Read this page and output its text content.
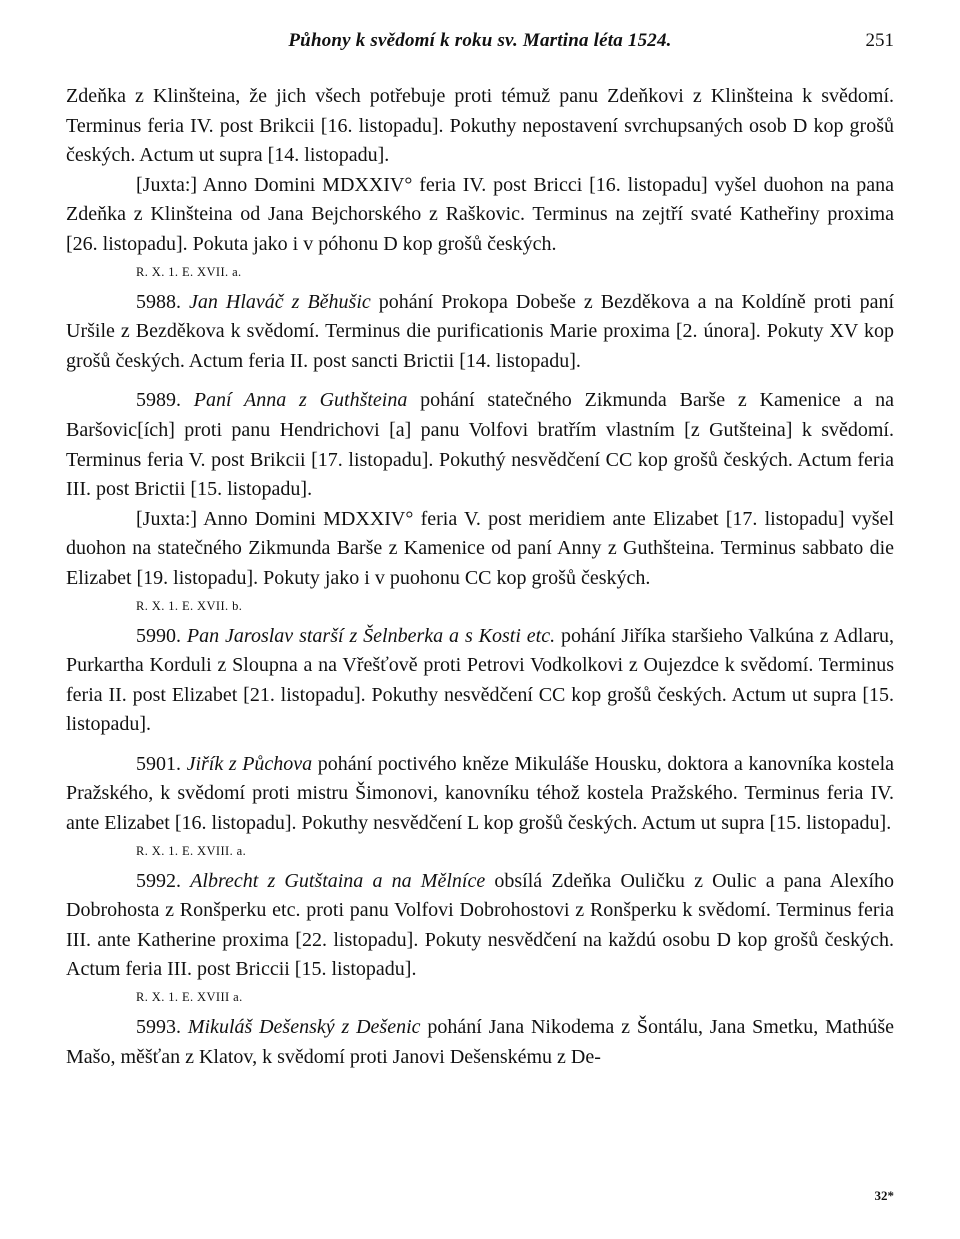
Půhony k svědomí k roku sv. Martina léta 1524.	251

Zdeňka z Klinšteina, že jich všech potřebuje proti témuž panu Zdeňkovi z Klinšteina k svědomí. Terminus feria IV. post Brikcii [16. listopadu]. Pokuthy nepostavení svrchupsaných osob D kop grošů českých. Actum ut supra [14. listopadu].

[Juxta:] Anno Domini MDXXIV° feria IV. post Bricci [16. listopadu] vyšel duohon na pana Zdeňka z Klinšteina od Jana Bejchorského z Raškovic. Terminus na zejtří svaté Katheřiny proxima [26. listopadu]. Pokuta jako i v póhonu D kop grošů českých.

R. X. 1. E. XVII. a.

5988. Jan Hlaváč z Běhušic pohání Prokopa Dobeše z Bezděkova a na Koldíně proti paní Uršile z Bezděkova k svědomí. Terminus die purificationis Marie proxima [2. února]. Pokuty XV kop grošů českých. Actum feria II. post sancti Brictii [14. listopadu].

5989. Paní Anna z Guthšteina pohání statečného Zikmunda Barše z Kamenice a na Baršovic[ích] proti panu Hendrichovi [a] panu Volfovi bratřím vlastním [z Gutšteina] k svědomí. Terminus feria V. post Brikcii [17. listopadu]. Pokuthý nesvědčení CC kop grošů českých. Actum feria III. post Brictii [15. listopadu].

[Juxta:] Anno Domini MDXXIV° feria V. post meridiem ante Elizabet [17. listopadu] vyšel duohon na statečného Zikmunda Barše z Kamenice od paní Anny z Guthšteina. Terminus sabbato die Elizabet [19. listopadu]. Pokuty jako i v puohonu CC kop grošů českých.

R. X. 1. E. XVII. b.

5990. Pan Jaroslav starší z Šelnberka a s Kosti etc. pohání Jiříka staršieho Valkúna z Adlaru, Purkartha Korduli z Sloupna a na Vřešťově proti Petrovi Vodkolkovi z Oujezdce k svědomí. Terminus feria II. post Elizabet [21. listopadu]. Pokuthy nesvědčení CC kop grošů českých. Actum ut supra [15. listopadu].

5901. Jiřík z Půchova pohání poctivého kněze Mikuláše Housku, doktora a kanovníka kostela Pražského, k svědomí proti mistru Šimonovi, kanovníku téhož kostela Pražského. Terminus feria IV. ante Elizabet [16. listopadu]. Pokuthy nesvědčení L kop grošů českých. Actum ut supra [15. listopadu].

R. X. 1. E. XVIII. a.

5992. Albrecht z Gutštaina a na Mělníce obsílá Zdeňka Ouličku z Oulic a pana Alexího Dobrohosta z Ronšperku etc. proti panu Volfovi Dobrohostovi z Ronšperku k svědomí. Terminus feria III. ante Katherine proxima [22. listopadu]. Pokuty nesvědčení na každú osobu D kop grošů českých. Actum feria III. post Briccii [15. listopadu].

R. X. 1. E. XVIII a.

5993. Mikuláš Dešenský z Dešenic pohání Jana Nikodema z Šontálu, Jana Smetku, Mathúše Mašo, měšťan z Klatov, k svědomí proti Janovi Dešenskému z De-

32*
